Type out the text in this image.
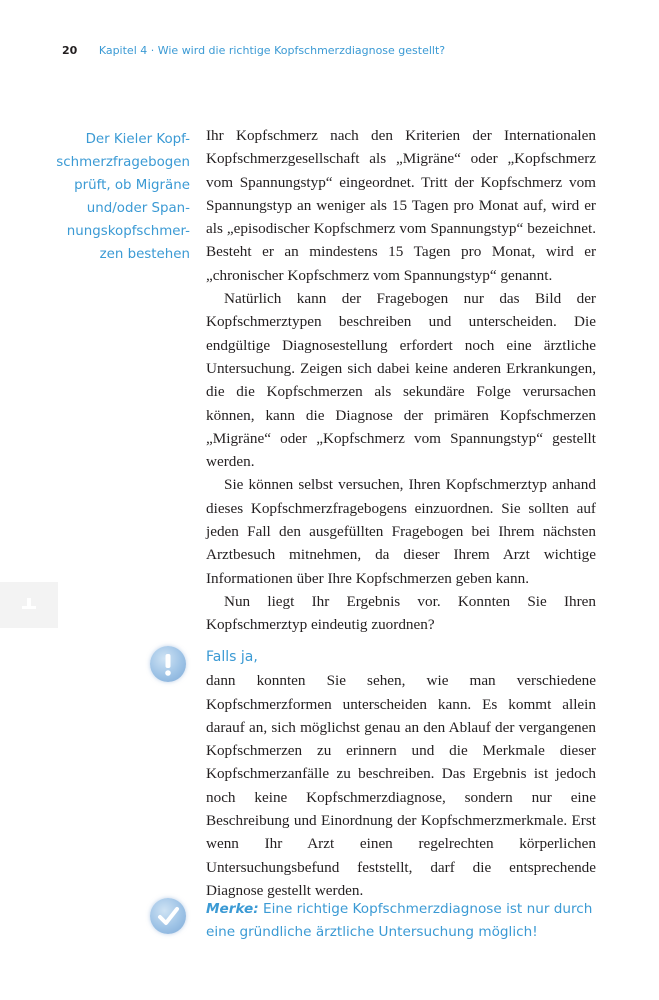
20 Kapitel 4 · Wie wird die richtige Kopfschmerzdiagnose gestellt?
Der Kieler Kopf-
schmerzfragebogen
prüft, ob Migräne
und/oder Span-
nungskopfschmer-
zen bestehen

Ihr Kopfschmerz nach den Kriterien der Internationalen Kopfschmerzgesellschaft als „Migräne“ oder „Kopfschmerz vom Spannungstyp“ eingeordnet. Tritt der Kopfschmerz vom Spannungstyp an weniger als 15 Tagen pro Monat auf, wird er als „episodischer Kopfschmerz vom Spannungstyp“ bezeichnet. Besteht er an mindestens 15 Tagen pro Monat, wird er „chronischer Kopfschmerz vom Spannungstyp“ genannt.

Natürlich kann der Fragebogen nur das Bild der Kopfschmerztypen beschreiben und unterscheiden. Die endgültige Diagnosestellung erfordert noch eine ärztliche Untersuchung. Zeigen sich dabei keine anderen Erkrankungen, die die Kopfschmerzen als sekundäre Folge verursachen können, kann die Diagnose der primären Kopfschmerzen „Migräne“ oder „Kopfschmerz vom Spannungstyp“ gestellt werden.

Sie können selbst versuchen, Ihren Kopfschmerztyp anhand dieses Kopfschmerzfragebogens einzuordnen. Sie sollten auf jeden Fall den ausgefüllten Fragebogen bei Ihrem nächsten Arztbesuch mitnehmen, da dieser Ihrem Arzt wichtige Informationen über Ihre Kopfschmerzen geben kann.

Nun liegt Ihr Ergebnis vor. Konnten Sie Ihren Kopfschmerztyp eindeutig zuordnen?

Falls ja,

dann konnten Sie sehen, wie man verschiedene Kopfschmerzformen unterscheiden kann. Es kommt allein darauf an, sich möglichst genau an den Ablauf der vergangenen Kopfschmerzen zu erinnern und die Merkmale dieser Kopfschmerzanfälle zu beschreiben. Das Ergebnis ist jedoch noch keine Kopfschmerzdiagnose, sondern nur eine Beschreibung und Einordnung der Kopfschmerzmerkmale. Erst wenn Ihr Arzt einen regelrechten körperlichen Untersuchungsbefund feststellt, darf die entsprechende Diagnose gestellt werden.

Merke: Eine richtige Kopfschmerzdiagnose ist nur durch eine gründliche ärztliche Untersuchung möglich!
